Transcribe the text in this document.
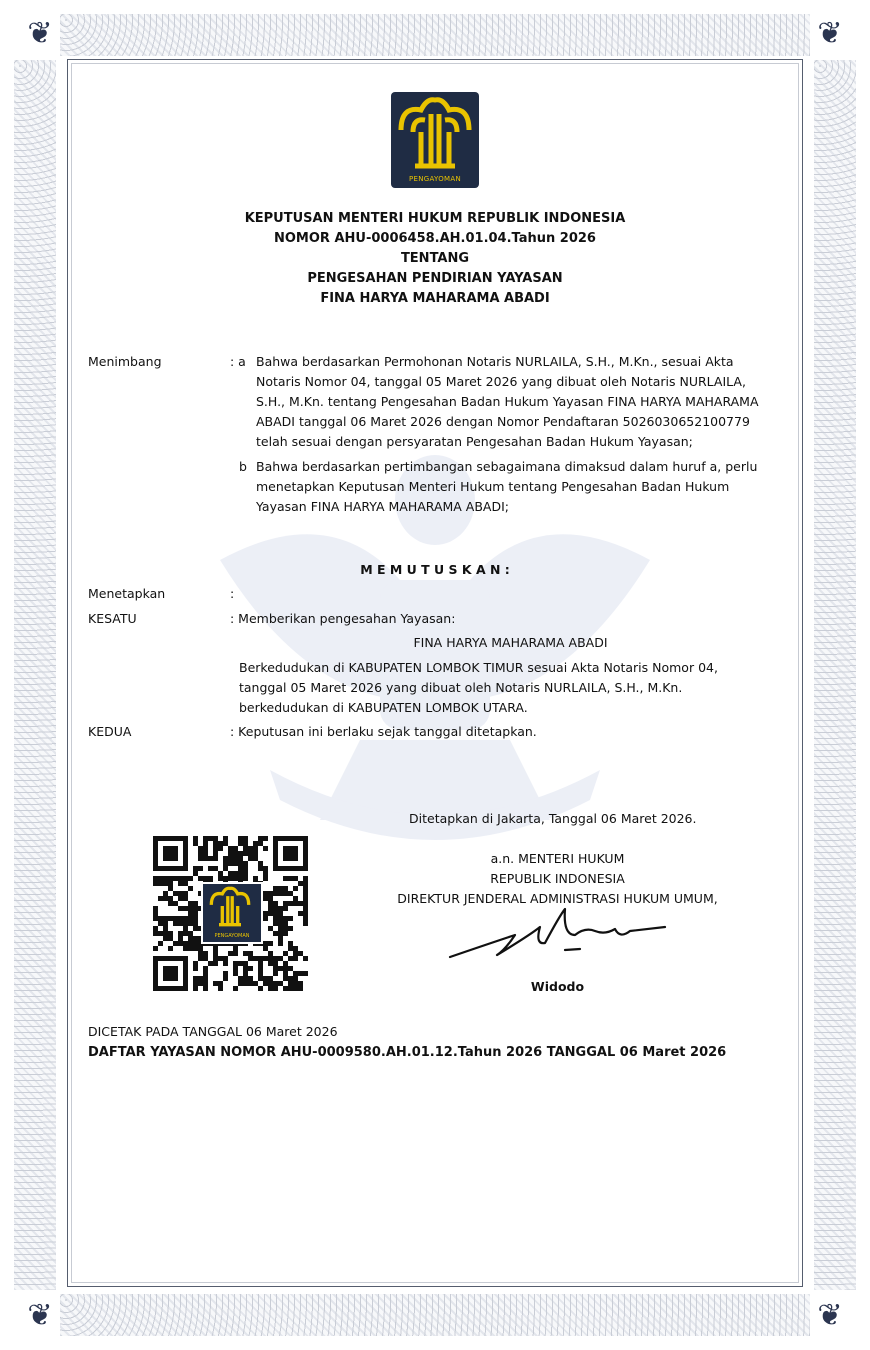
❦	❦
❦	❦
PENGAYOMAN
KEPUTUSAN MENTERI HUKUM REPUBLIK INDONESIA
NOMOR AHU-0006458.AH.01.04.Tahun 2026
TENTANG
PENGESAHAN PENDIRIAN YAYASAN
FINA HARYA MAHARAMA ABADI
Menimbang	: a Bahwa berdasarkan Permohonan Notaris NURLAILA, S.H., M.Kn., sesuai Akta
Notaris Nomor 04, tanggal 05 Maret 2026 yang dibuat oleh Notaris NURLAILA,
S.H., M.Kn. tentang Pengesahan Badan Hukum Yayasan FINA HARYA MAHARAMA
ABADI tanggal 06 Maret 2026 dengan Nomor Pendaftaran 5026030652100779
telah sesuai dengan persyaratan Pengesahan Badan Hukum Yayasan;
b Bahwa berdasarkan pertimbangan sebagaimana dimaksud dalam huruf a, perlu
menetapkan Keputusan Menteri Hukum tentang Pengesahan Badan Hukum
Yayasan FINA HARYA MAHARAMA ABADI;
M E M U T U S K A N :
Menetapkan	:
KESATU	: Memberikan pengesahan Yayasan:
FINA HARYA MAHARAMA ABADI
Berkedudukan di KABUPATEN LOMBOK TIMUR sesuai Akta Notaris Nomor 04,
tanggal 05 Maret 2026 yang dibuat oleh Notaris NURLAILA, S.H., M.Kn.
berkedudukan di KABUPATEN LOMBOK UTARA.
KEDUA	: Keputusan ini berlaku sejak tanggal ditetapkan.
Ditetapkan di Jakarta, Tanggal 06 Maret 2026.
a.n. MENTERI HUKUM
REPUBLIK INDONESIA
DIREKTUR JENDERAL ADMINISTRASI HUKUM UMUM,
Widodo
PENGAYOMAN
DICETAK PADA TANGGAL 06 Maret 2026
DAFTAR YAYASAN NOMOR AHU-0009580.AH.01.12.Tahun 2026 TANGGAL 06 Maret 2026
